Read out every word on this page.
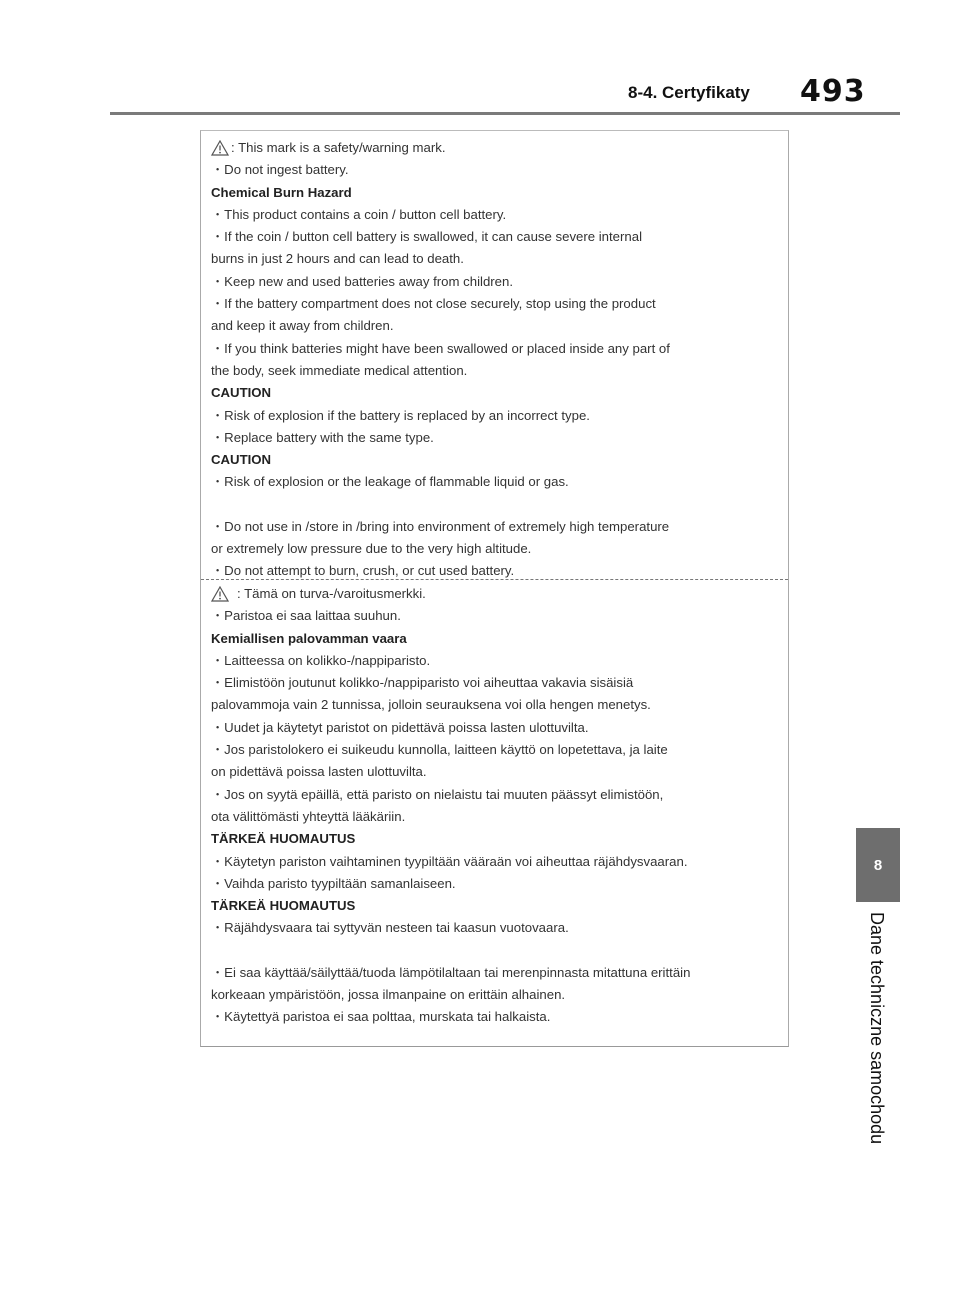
8-4. Certyfikaty 493
8
Dane techniczne samochodu
: This mark is a safety/warning mark.
・Do not ingest battery.
Chemical Burn Hazard
・This product contains a coin / button cell battery.
・If the coin / button cell battery is swallowed, it can cause severe internal
burns in just 2 hours and can lead to death.
・Keep new and used batteries away from children.
・If the battery compartment does not close securely, stop using the product
and keep it away from children.
・If you think batteries might have been swallowed or placed inside any part of
the body, seek immediate medical attention.
CAUTION
・Risk of explosion if the battery is replaced by an incorrect type.
・Replace battery with the same type.
CAUTION
・Risk of explosion or the leakage of flammable liquid or gas.
・Do not use in /store in /bring into environment of extremely high temperature
or extremely low pressure due to the very high altitude.
・Do not attempt to burn, crush, or cut used battery.
: Tämä on turva-/varoitusmerkki.
・Paristoa ei saa laittaa suuhun.
Kemiallisen palovamman vaara
・Laitteessa on kolikko-/nappiparisto.
・Elimistöön joutunut kolikko-/nappiparisto voi aiheuttaa vakavia sisäisiä
palovammoja vain 2 tunnissa, jolloin seurauksena voi olla hengen menetys.
・Uudet ja käytetyt paristot on pidettävä poissa lasten ulottuvilta.
・Jos paristolokero ei suikeudu kunnolla, laitteen käyttö on lopetettava, ja laite
on pidettävä poissa lasten ulottuvilta.
・Jos on syytä epäillä, että paristo on nielaistu tai muuten päässyt elimistöön,
ota välittömästi yhteyttä lääkäriin.
TÄRKEÄ HUOMAUTUS
・Käytetyn pariston vaihtaminen tyypiltään vääraän voi aiheuttaa räjähdysvaaran.
・Vaihda paristo tyypiltään samanlaiseen.
TÄRKEÄ HUOMAUTUS
・Räjähdysvaara tai syttyvän nesteen tai kaasun vuotovaara.
・Ei saa käyttää/säilyttää/tuoda lämpötilaltaan tai merenpinnasta mitattuna erittäin
korkeaan ympäristöön, jossa ilmanpaine on erittäin alhainen.
・Käytettyä paristoa ei saa polttaa, murskata tai halkaista.
